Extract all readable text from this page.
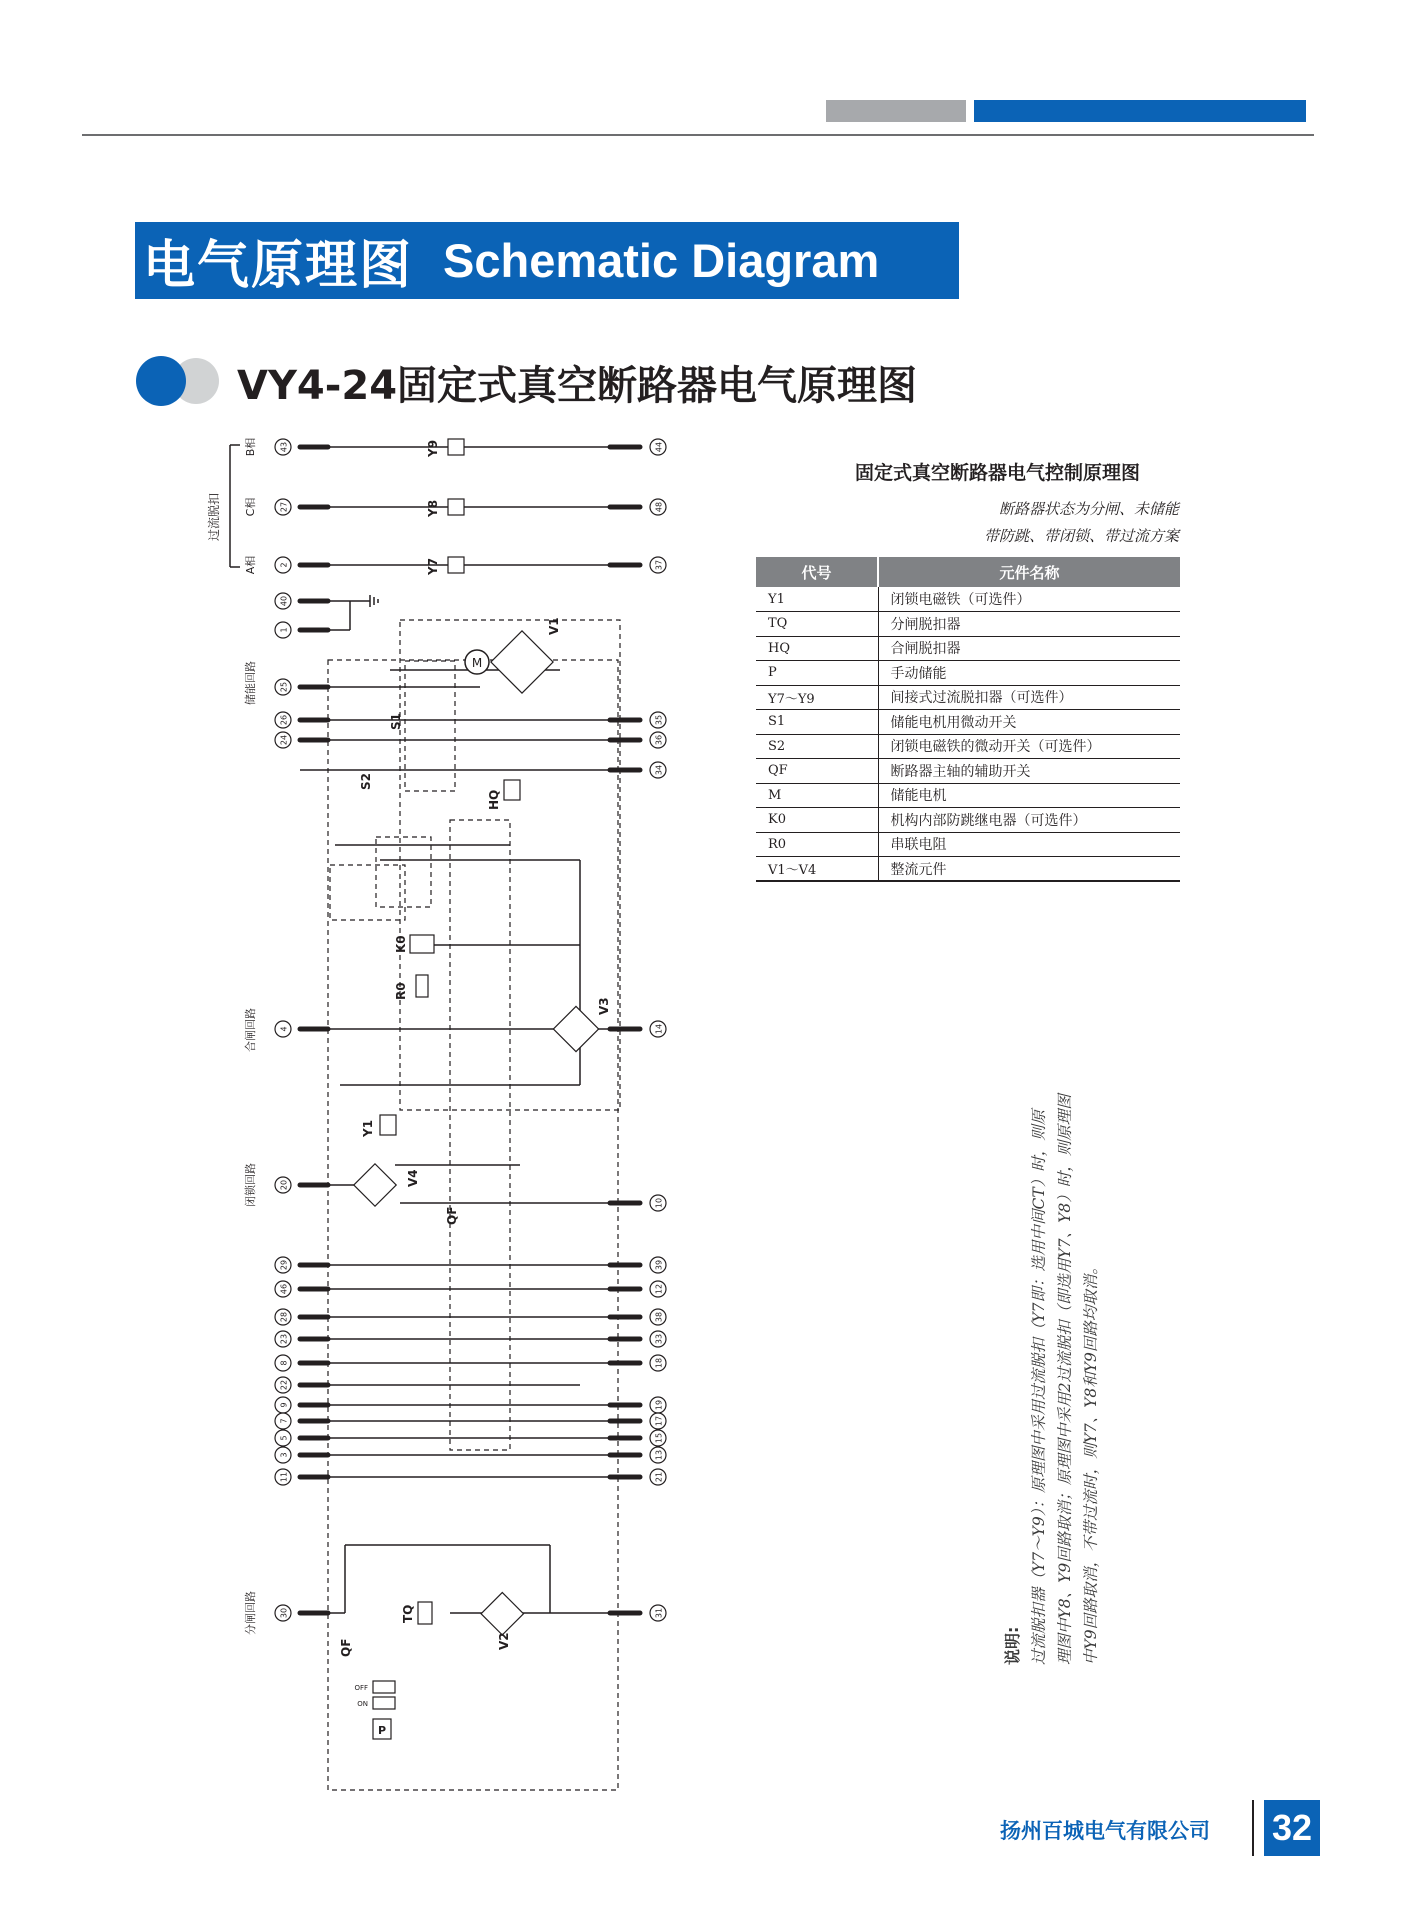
电气原理图 Schematic Diagram
VY4-24固定式真空断路器电气原理图
过流脱扣
B相
C相
A相
Y9
Y8
Y7
储能回路	M
V1
S1
S2
HQ
K0
R0
合闸回路
V3
Y1
闭锁回路	V4
QF
分闸回路	TQ
V2
QF
OFF
ON
P
43
27
2
40
1
25
26
24
4
20
29
46
28
23
8
22
9
7
5
3
11
30
44
48
37
35
36
34
14
10
39
12
38
33
18
19
17
15
13
21
31
固定式真空断路器电气控制原理图
断路器状态为分闸、未储能
带防跳、带闭锁、带过流方案
代号	元件名称
Y1	闭锁电磁铁（可选件）
TQ	分闸脱扣器
HQ	合闸脱扣器
P	手动储能
Y7～Y9	间接式过流脱扣器（可选件）
S1	储能电机用微动开关
S2	闭锁电磁铁的微动开关（可选件）
QF	断路器主轴的辅助开关
M	储能电机
K0	机构内部防跳继电器（可选件）
R0	串联电阻
V1～V4	整流元件

说明: 过流脱扣器（Y7～Y9）：原理图中采用过流脱扣（Y7即：选用中间CT）时，则原 理图中Y8、Y9回路取消；原理图中采用2过流脱扣（即选用Y7、Y8）时，则原理图 中Y9回路取消，不带过流时，则Y7、Y8和Y9回路均取消。

扬州百城电气有限公司 32
